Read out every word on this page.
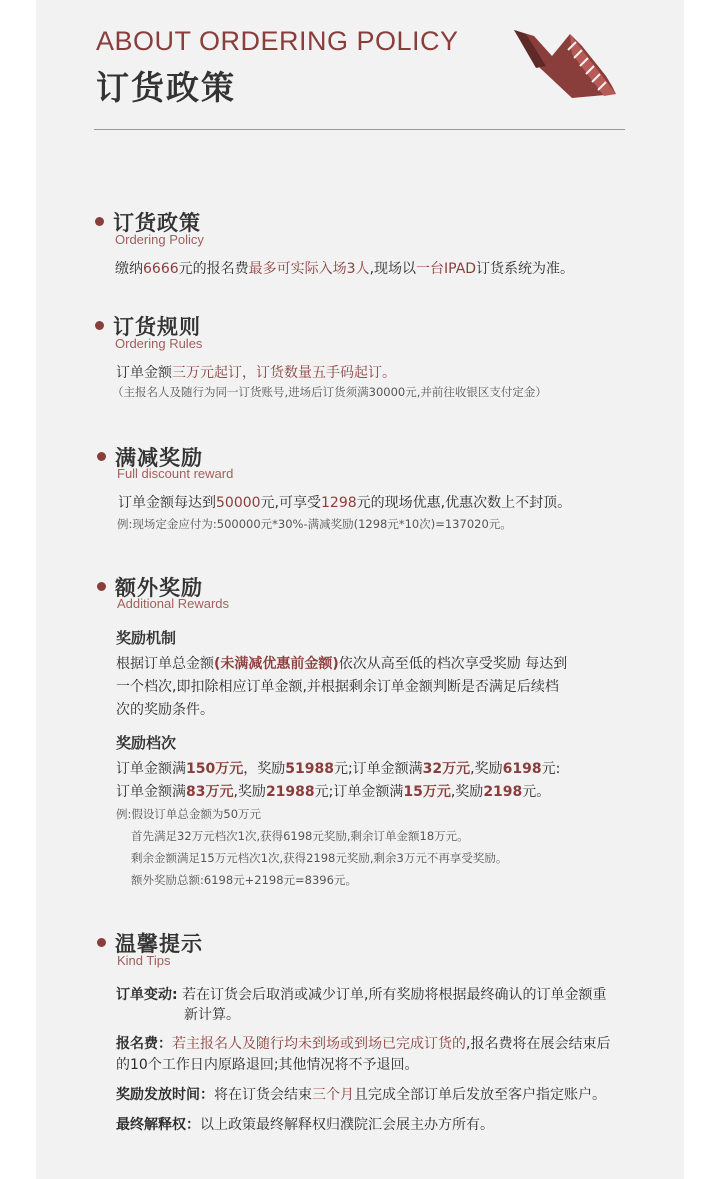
ABOUT ORDERING POLICY
订货政策
订货政策
Ordering Policy
缴纳6666元的报名费最多可实际入场3人,现场以一台IPAD订货系统为准。
订货规则
Ordering Rules
订单金额三万元起订，订货数量五手码起订。
（主报名人及随行为同一订货账号,进场后订货须满30000元,并前往收银区支付定金）
满减奖励
Full discount reward
订单金额每达到50000元,可享受1298元的现场优惠,优惠次数上不封顶。
例:现场定金应付为:500000元*30%-满减奖励(1298元*10次)=137020元。
额外奖励
Additional Rewards
奖励机制
根据订单总金额(未满减优惠前金额)依次从高至低的档次享受奖励 每达到
一个档次,即扣除相应订单金额,并根据剩余订单金额判断是否满足后续档
次的奖励条件。
奖励档次
订单金额满150万元，奖励51988元;订单金额满32万元,奖励6198元:
订单金额满83万元,奖励21988元;订单金额满15万元,奖励2198元。
例:假设订单总金额为50万元
首先满足32万元档次1次,获得6198元奖励,剩余订单金额18万元。
剩余金额满足15万元档次1次,获得2198元奖励,剩余3万元不再享受奖励。
额外奖励总额:6198元+2198元=8396元。
温馨提示
Kind Tips
订单变动: 若在订货会后取消或减少订单,所有奖励将根据最终确认的订单金额重
新计算。
报名费：若主报名人及随行均未到场或到场已完成订货的,报名费将在展会结束后
的10个工作日内原路退回;其他情况将不予退回。
奖励发放时间：将在订货会结束三个月且完成全部订单后发放至客户指定账户。
最终解释权：以上政策最终解释权归濮院汇会展主办方所有。
